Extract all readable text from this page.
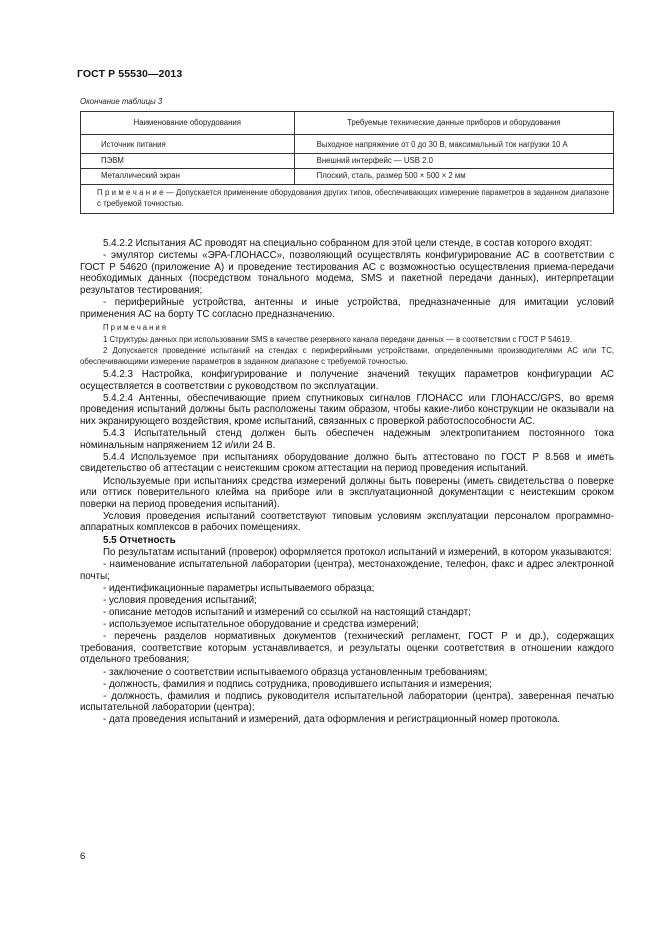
ГОСТ Р 55530—2013
Окончание таблицы 3
Наименование оборудования	Требуемые технические данные приборов и оборудования
Источник питания	Выходное напряжение от 0 до 30 В, максимальный ток нагрузки 10 А
ПЭВМ	Внешний интерфейс — USB 2.0
Металлический экран	Плоский, сталь, размер 500 × 500 × 2 мм
П р и м е ч а н и е — Допускается применение оборудования других типов, обеспечивающих измерение параметров в заданном диапазоне с требуемой точностью.	

5.4.2.2 Испытания АС проводят на специально собранном для этой цели стенде, в состав которого входят:

- эмулятор системы «ЭРА-ГЛОНАСС», позволяющий осуществлять конфигурирование АС в соответствии с ГОСТ Р 54620 (приложение А) и проведение тестирования АС с возможностью осуществления приема-передачи необходимых данных (посредством тонального модема, SMS и пакетной передачи данных), интерпретации результатов тестирования;

- периферийные устройства, антенны и иные устройства, предназначенные для имитации условий применения АС на борту ТС согласно предназначению.

Примечания

1 Структуры данных при использовании SMS в качестве резервного канала передачи данных — в соответствии с ГОСТ Р 54619.

2 Допускается проведение испытаний на стендах с периферийными устройствами, определенными производителями АС или ТС, обеспечивающими измерение параметров в заданном диапазоне с требуемой точностью.

5.4.2.3 Настройка, конфигурирование и получение значений текущих параметров конфигурации АС осуществляется в соответствии с руководством по эксплуатации.

5.4.2.4 Антенны, обеспечивающие прием спутниковых сигналов ГЛОНАСС или ГЛОНАСС/GPS, во время проведения испытаний должны быть расположены таким образом, чтобы какие-либо конструкции не оказывали на них экранирующего воздействия, кроме испытаний, связанных с проверкой работоспособности АС.

5.4.3 Испытательный стенд должен быть обеспечен надежным электропитанием постоянного тока номинальным напряжением 12 и/или 24 В.

5.4.4 Используемое при испытаниях оборудование должно быть аттестовано по ГОСТ Р 8.568 и иметь свидетельство об аттестации с неистекшим сроком аттестации на период проведения испытаний.

Используемые при испытаниях средства измерений должны быть поверены (иметь свидетельства о поверке или оттиск поверительного клейма на приборе или в эксплуатационной документации с неистекшим сроком поверки на период проведения испытаний).

Условия проведения испытаний соответствуют типовым условиям эксплуатации персоналом программно-аппаратных комплексов в рабочих помещениях.

5.5 Отчетность

По результатам испытаний (проверок) оформляется протокол испытаний и измерений, в котором указываются:

- наименование испытательной лаборатории (центра), местонахождение, телефон, факс и адрес электронной почты;

- идентификационные параметры испытываемого образца;

- условия проведения испытаний;

- описание методов испытаний и измерений со ссылкой на настоящий стандарт;

- используемое испытательное оборудование и средства измерений;

- перечень разделов нормативных документов (технический регламент, ГОСТ Р и др.), содержащих требования, соответствие которым устанавливается, и результаты оценки соответствия в отношении каждого отдельного требования;

- заключение о соответствии испытываемого образца установленным требованиям;

- должность, фамилия и подпись сотрудника, проводившего испытания и измерения;

- должность, фамилия и подпись руководителя испытательной лаборатории (центра), заверенная печатью испытательной лаборатории (центра);

- дата проведения испытаний и измерений, дата оформления и регистрационный номер протокола.

6
